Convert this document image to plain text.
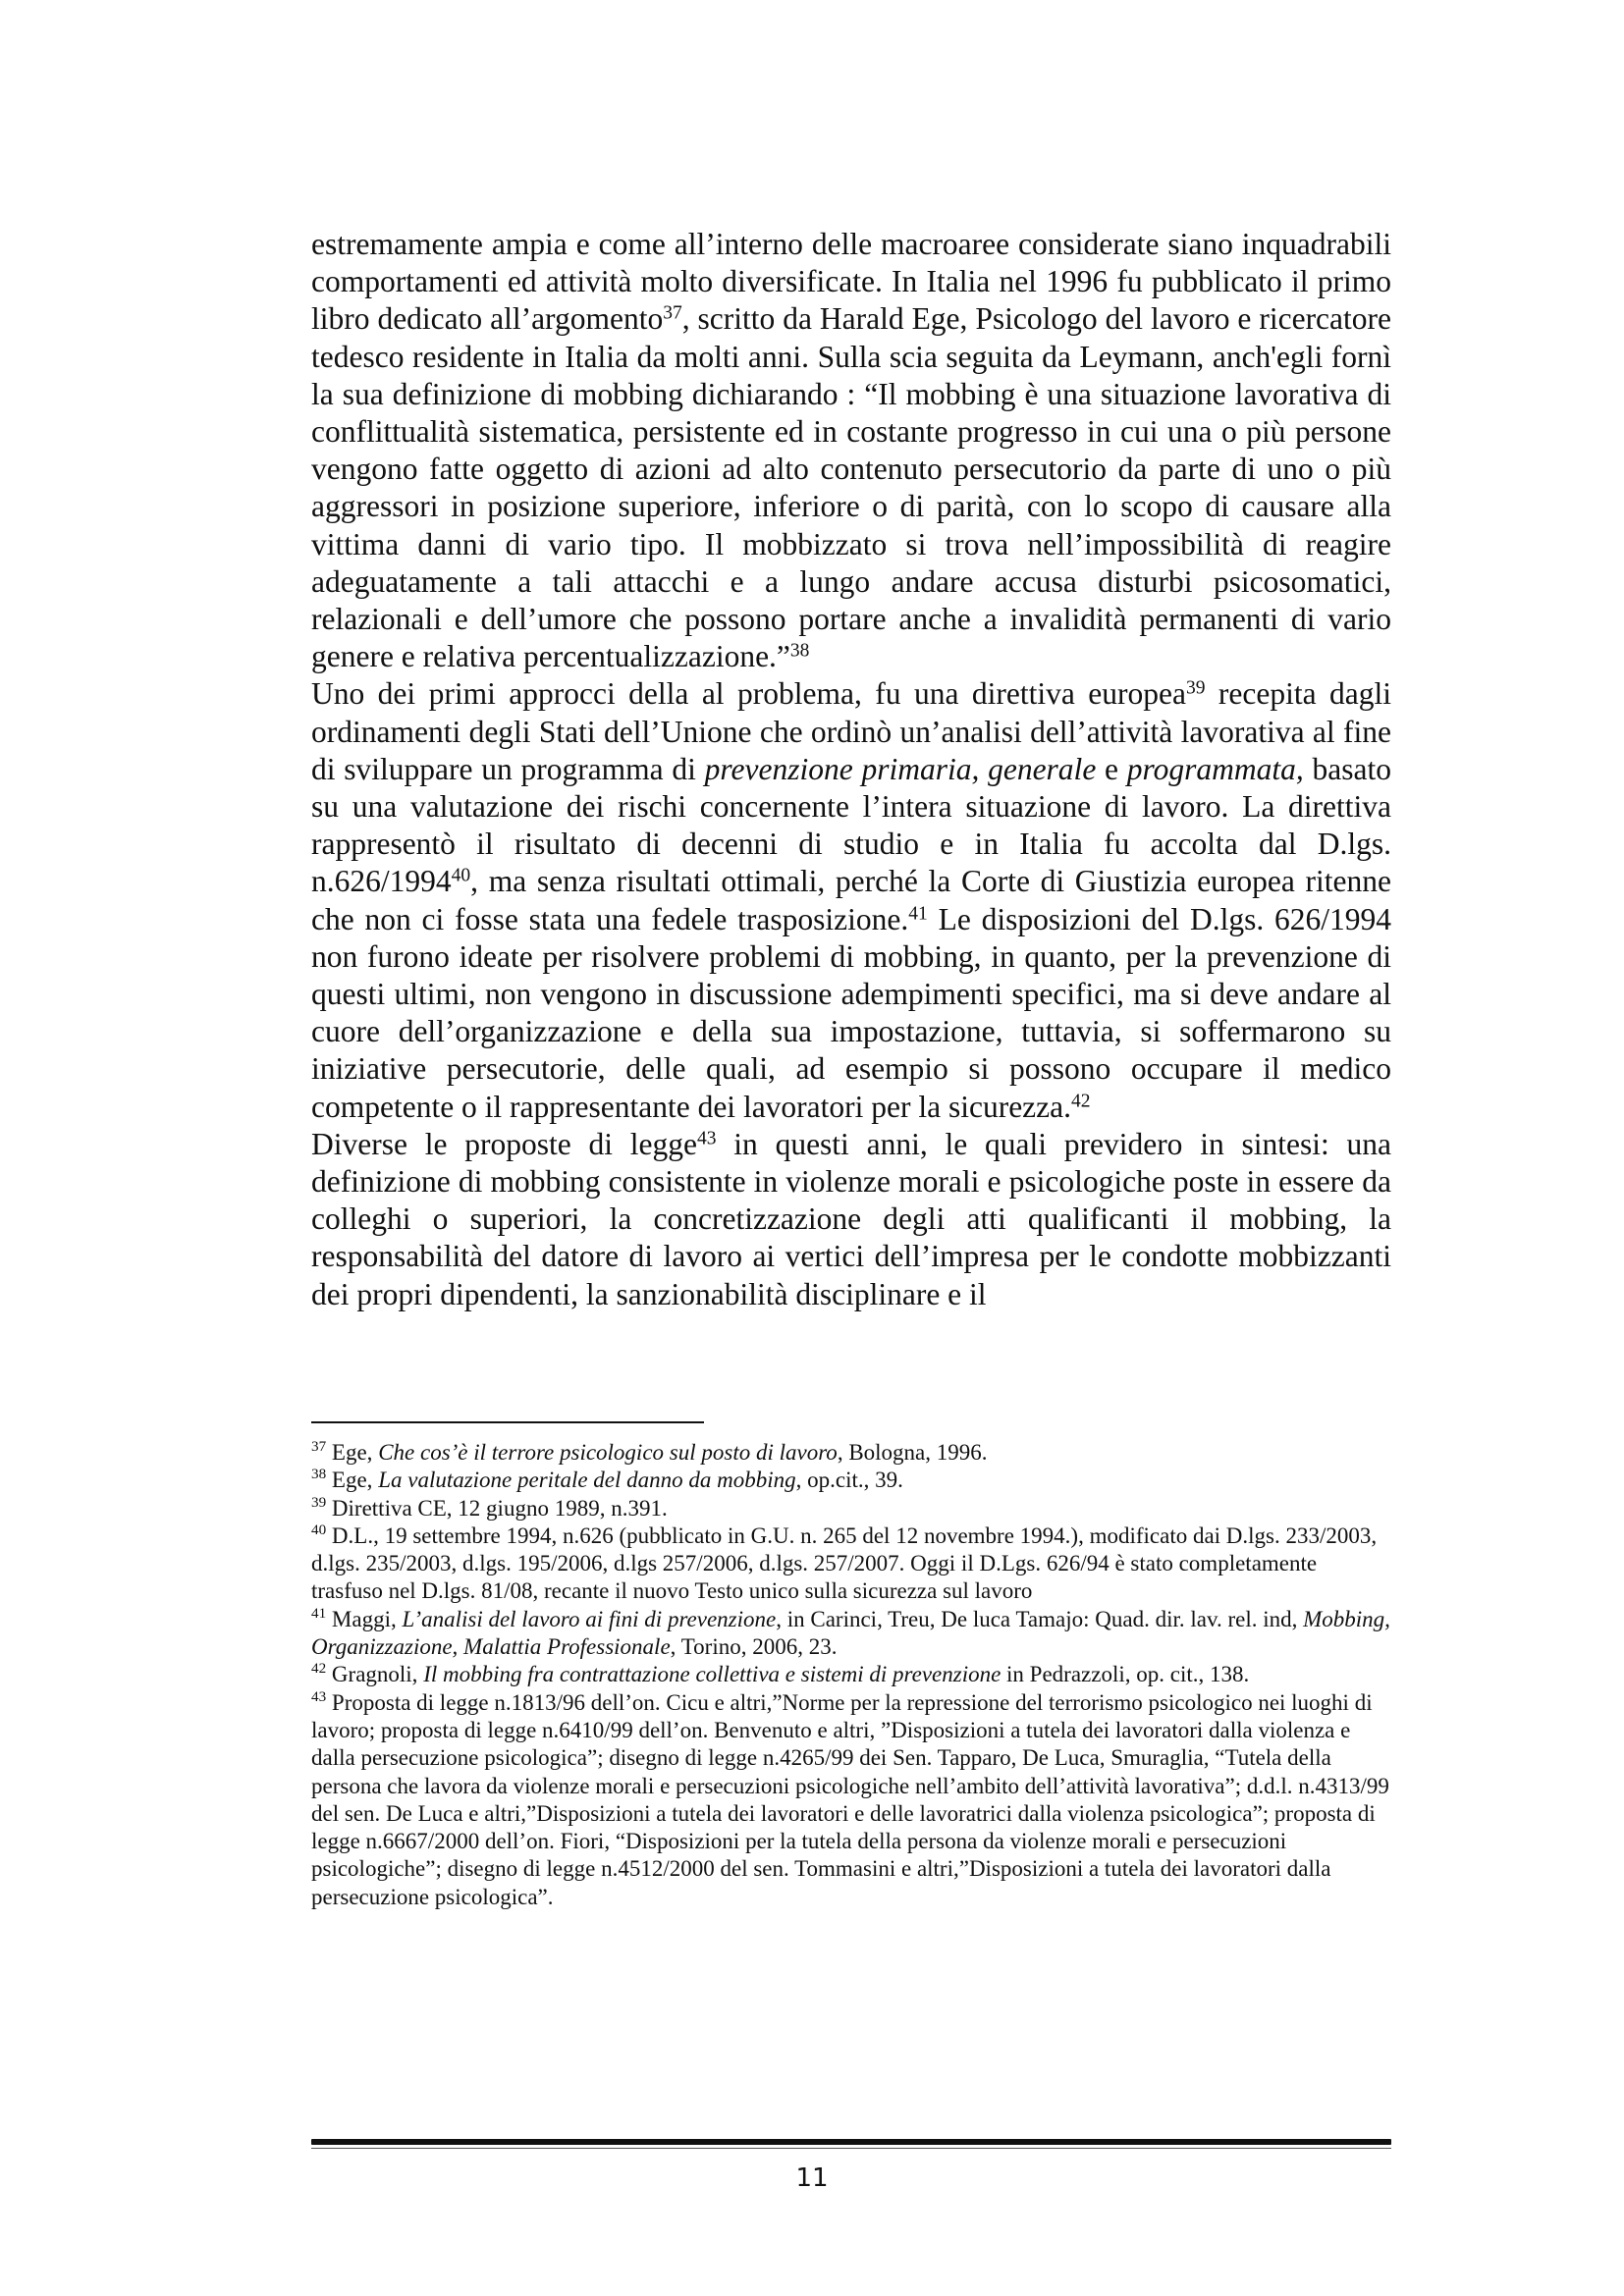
estremamente ampia e come all’interno delle macroaree considerate siano inquadrabili comportamenti ed attività molto diversificate. In Italia nel 1996 fu pubblicato il primo libro dedicato all’argomento$^{37}$, scritto da Harald Ege, Psicologo del lavoro e ricercatore tedesco residente in Italia da molti anni. Sulla scia seguita da Leymann, anch'egli fornì la sua definizione di mobbing dichiarando : “Il mobbing è una situazione lavorativa di conflittualità sistematica, persistente ed in costante progresso in cui una o più persone vengono fatte oggetto di azioni ad alto contenuto persecutorio da parte di uno o più aggressori in posizione superiore, inferiore o di parità, con lo scopo di causare alla vittima danni di vario tipo. Il mobbizzato si trova nell’impossibilità di reagire adeguatamente a tali attacchi e a lungo andare accusa disturbi psicosomatici, relazionali e dell’umore che possono portare anche a invalidità permanenti di vario genere e relativa percentualizzazione.”$^{38}$

Uno dei primi approcci della al problema, fu una direttiva europea$^{39}$ recepita dagli ordinamenti degli Stati dell’Unione che ordinò un’analisi dell’attività lavorativa al fine di sviluppare un programma di prevenzione primaria, generale e programmata, basato su una valutazione dei rischi concernente l’intera situazione di lavoro. La direttiva rappresentò il risultato di decenni di studio e in Italia fu accolta dal D.lgs. n.626/1994$^{40}$, ma senza risultati ottimali, perché la Corte di Giustizia europea ritenne che non ci fosse stata una fedele trasposizione.$^{41}$ Le disposizioni del D.lgs. 626/1994 non furono ideate per risolvere problemi di mobbing, in quanto, per la prevenzione di questi ultimi, non vengono in discussione adempimenti specifici, ma si deve andare al cuore dell’organizzazione e della sua impostazione, tuttavia, si soffermarono su iniziative persecutorie, delle quali, ad esempio si possono occupare il medico competente o il rappresentante dei lavoratori per la sicurezza.$^{42}$

Diverse le proposte di legge$^{43}$ in questi anni, le quali previdero in sintesi: una definizione di mobbing consistente in violenze morali e psicologiche poste in essere da colleghi o superiori, la concretizzazione degli atti qualificanti il mobbing, la responsabilità del datore di lavoro ai vertici dell’impresa per le condotte mobbizzanti dei propri dipendenti, la sanzionabilità disciplinare e il

$^{37}$ Ege, Che cos’è il terrore psicologico sul posto di lavoro, Bologna, 1996.

$^{38}$ Ege, La valutazione peritale del danno da mobbing, op.cit., 39.

$^{39}$ Direttiva CE, 12 giugno 1989, n.391.

$^{40}$ D.L., 19 settembre 1994, n.626 (pubblicato in G.U. n. 265 del 12 novembre 1994.), modificato dai D.lgs. 233/2003, d.lgs. 235/2003, d.lgs. 195/2006, d.lgs 257/2006, d.lgs. 257/2007. Oggi il D.Lgs. 626/94 è stato completamente trasfuso nel D.lgs. 81/08, recante il nuovo Testo unico sulla sicurezza sul lavoro

$^{41}$ Maggi, L’analisi del lavoro ai fini di prevenzione, in Carinci, Treu, De luca Tamajo: Quad. dir. lav. rel. ind, Mobbing, Organizzazione, Malattia Professionale, Torino, 2006, 23.

$^{42}$ Gragnoli, Il mobbing fra contrattazione collettiva e sistemi di prevenzione in Pedrazzoli, op. cit., 138.

$^{43}$ Proposta di legge n.1813/96 dell’on. Cicu e altri,”Norme per la repressione del terrorismo psicologico nei luoghi di lavoro; proposta di legge n.6410/99 dell’on. Benvenuto e altri, ”Disposizioni a tutela dei lavoratori dalla violenza e dalla persecuzione psicologica”; disegno di legge n.4265/99 dei Sen. Tapparo, De Luca, Smuraglia, “Tutela della persona che lavora da violenze morali e persecuzioni psicologiche nell’ambito dell’attività lavorativa”; d.d.l. n.4313/99 del sen. De Luca e altri,”Disposizioni a tutela dei lavoratori e delle lavoratrici dalla violenza psicologica”; proposta di legge n.6667/2000 dell’on. Fiori, “Disposizioni per la tutela della persona da violenze morali e persecuzioni psicologiche”; disegno di legge n.4512/2000 del sen. Tommasini e altri,”Disposizioni a tutela dei lavoratori dalla persecuzione psicologica”.

11
